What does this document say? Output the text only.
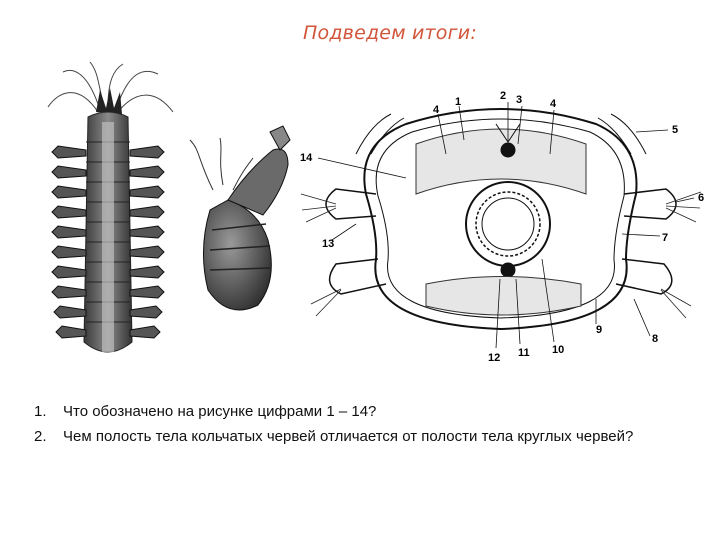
Подведем итоги:
1	2 3
4	4
5
6
7
8
9
10
11
12
13
14
1.	Что обозначено на рисунке цифрами 1 – 14?
2.	Чем полость тела кольчатых червей отличается от полости тела круглых червей?
